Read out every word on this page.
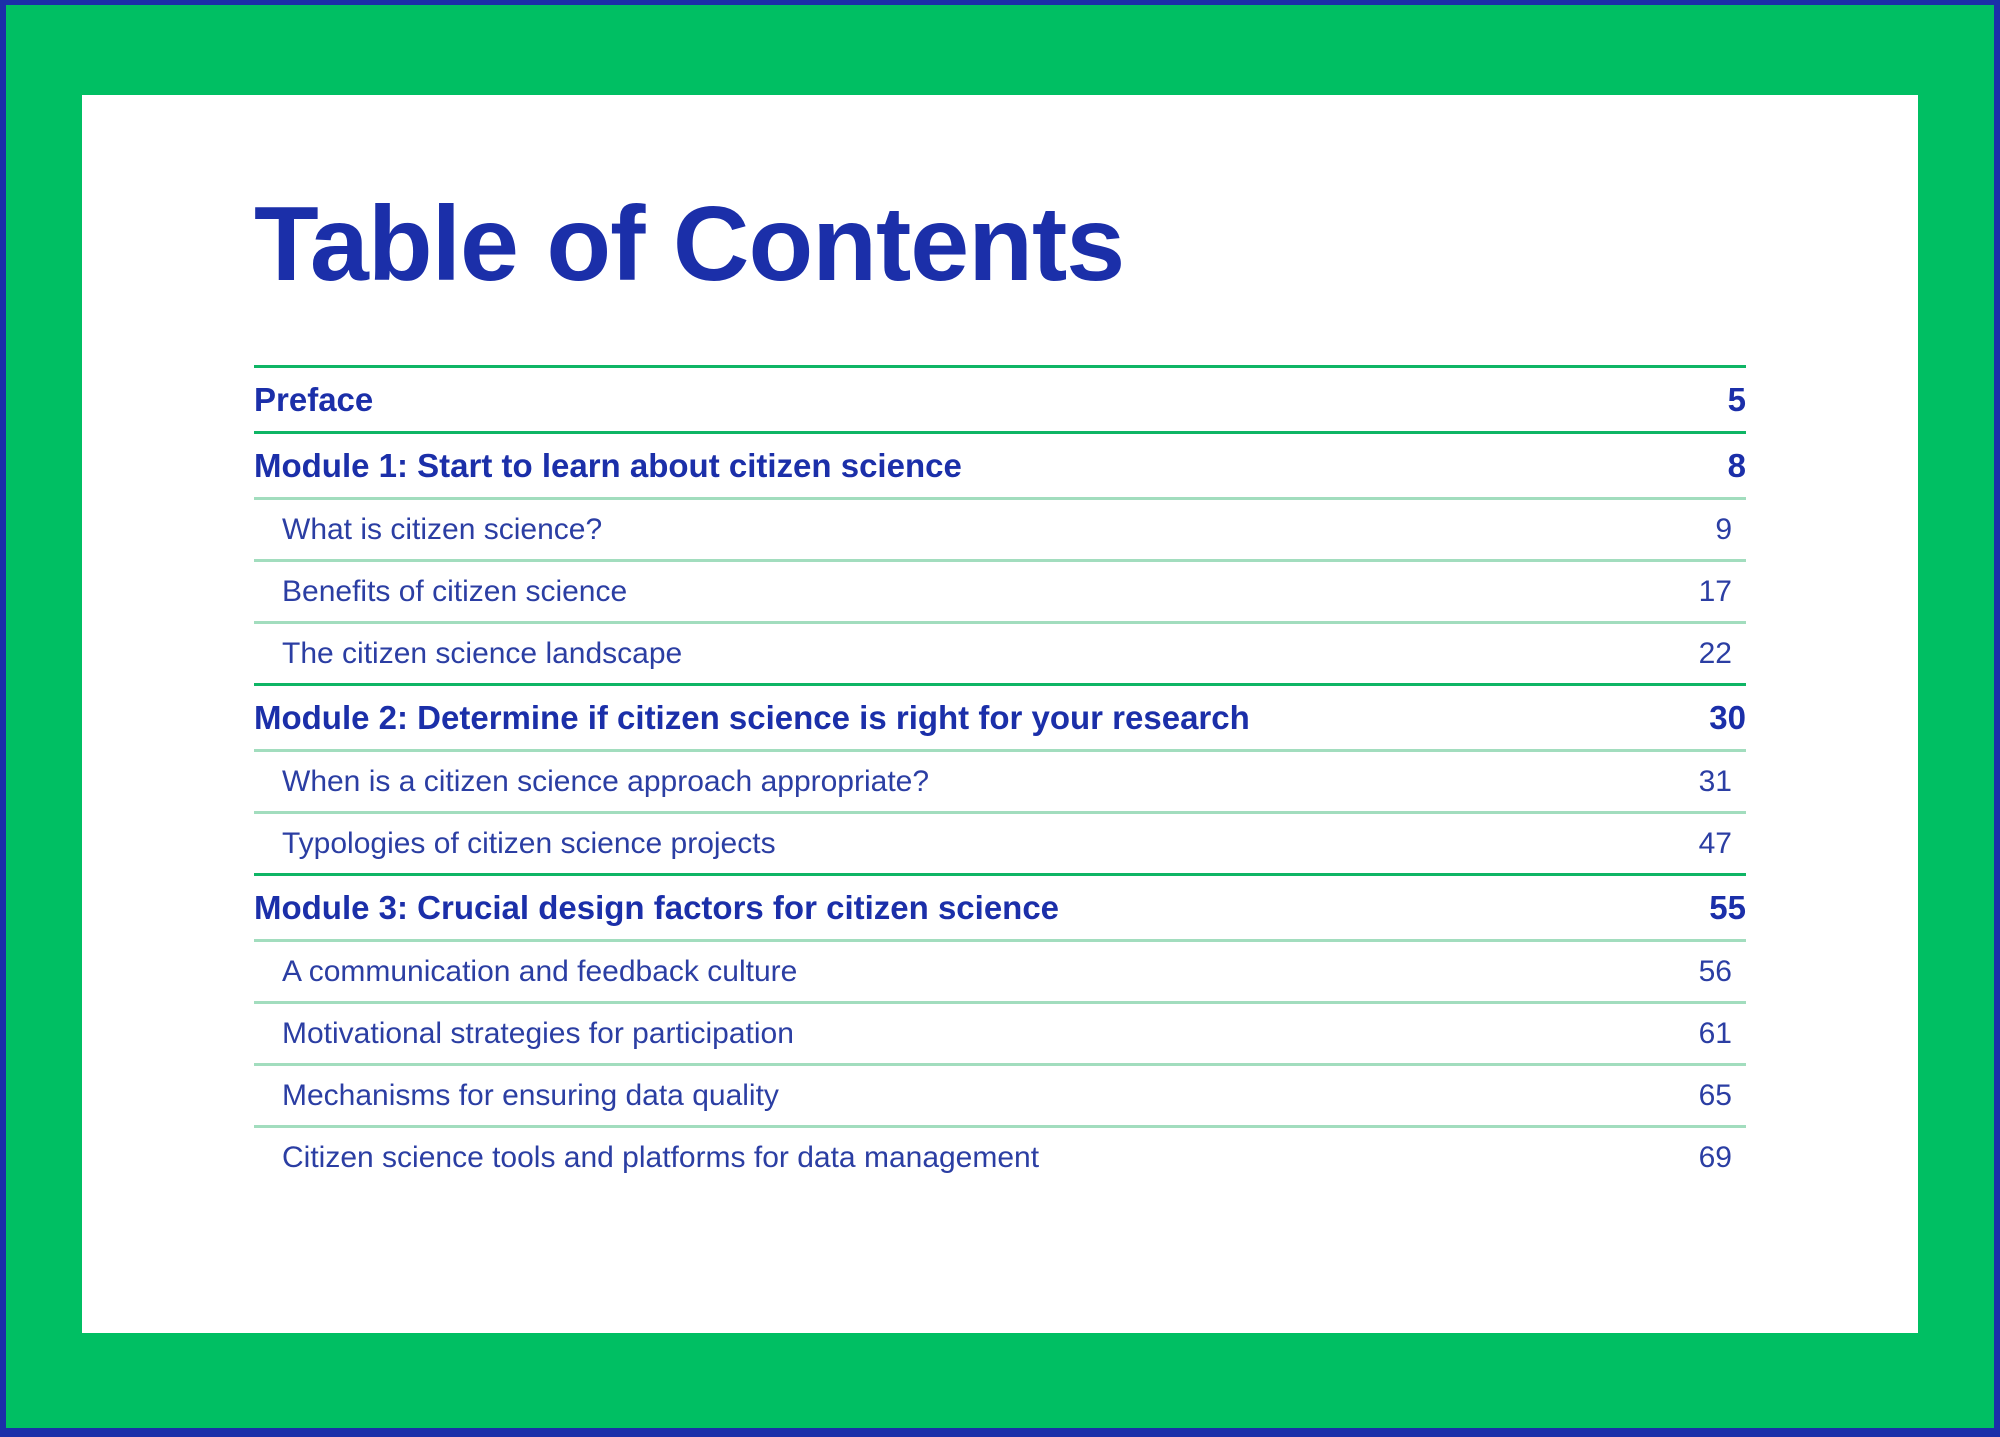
Table of Contents
Preface	5
Module 1: Start to learn about citizen science	8
What is citizen science?	9
Benefits of citizen science	17
The citizen science landscape	22
Module 2: Determine if citizen science is right for your research	30
When is a citizen science approach appropriate?	31
Typologies of citizen science projects	47
Module 3: Crucial design factors for citizen science	55
A communication and feedback culture	56
Motivational strategies for participation	61
Mechanisms for ensuring data quality	65
Citizen science tools and platforms for data management	69
